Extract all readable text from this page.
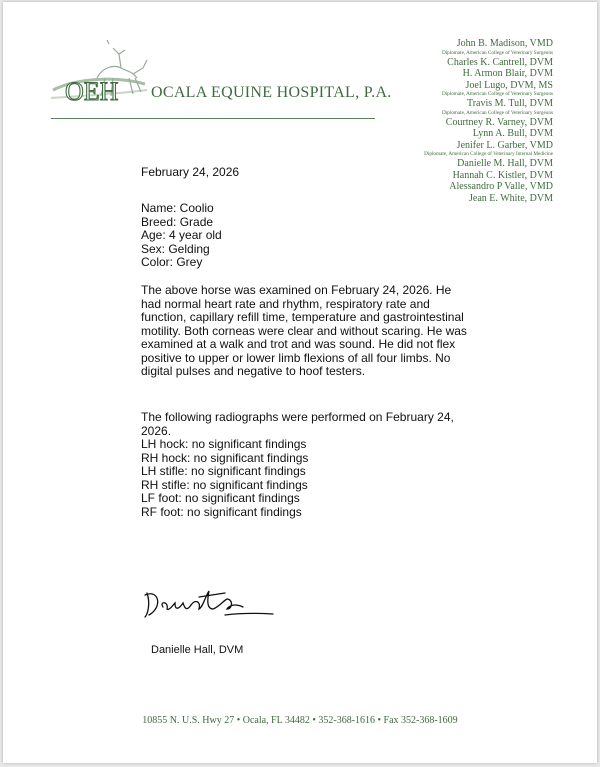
OEH OCALA EQUINE HOSPITAL, P.A.
John B. Madison, VMD
Diplomate, American College of Veterinary Surgeons
Charles K. Cantrell, DVM
H. Armon Blair, DVM
Joel Lugo, DVM, MS
Diplomate, American College of Veterinary Surgeons
Travis M. Tull, DVM
Diplomate, American College of Veterinary Surgeons
Courtney R. Varney, DVM
Lynn A. Bull, DVM
Jenifer L. Garber, VMD
Diplomate, American College of Veterinary Internal Medicine
Danielle M. Hall, DVM
Hannah C. Kistler, DVM
Alessandro P Valle, VMD
Jean E. White, DVM
February 24, 2026
Name: Coolio
Breed: Grade
Age: 4 year old
Sex: Gelding
Color: Grey
The above horse was examined on February 24, 2026. He had normal heart rate and rhythm, respiratory rate and function, capillary refill time, temperature and gastrointestinal motility. Both corneas were clear and without scaring. He was examined at a walk and trot and was sound. He did not flex positive to upper or lower limb flexions of all four limbs. No digital pulses and negative to hoof testers.
The following radiographs were performed on February 24, 2026.
LH hock: no significant findings
RH hock: no significant findings
LH stifle: no significant findings
RH stifle: no significant findings
LF foot: no significant findings
RF foot: no significant findings
Danielle Hall, DVM
10855 N. U.S. Hwy 27 • Ocala, FL 34482 • 352-368-1616 • Fax 352-368-1609
